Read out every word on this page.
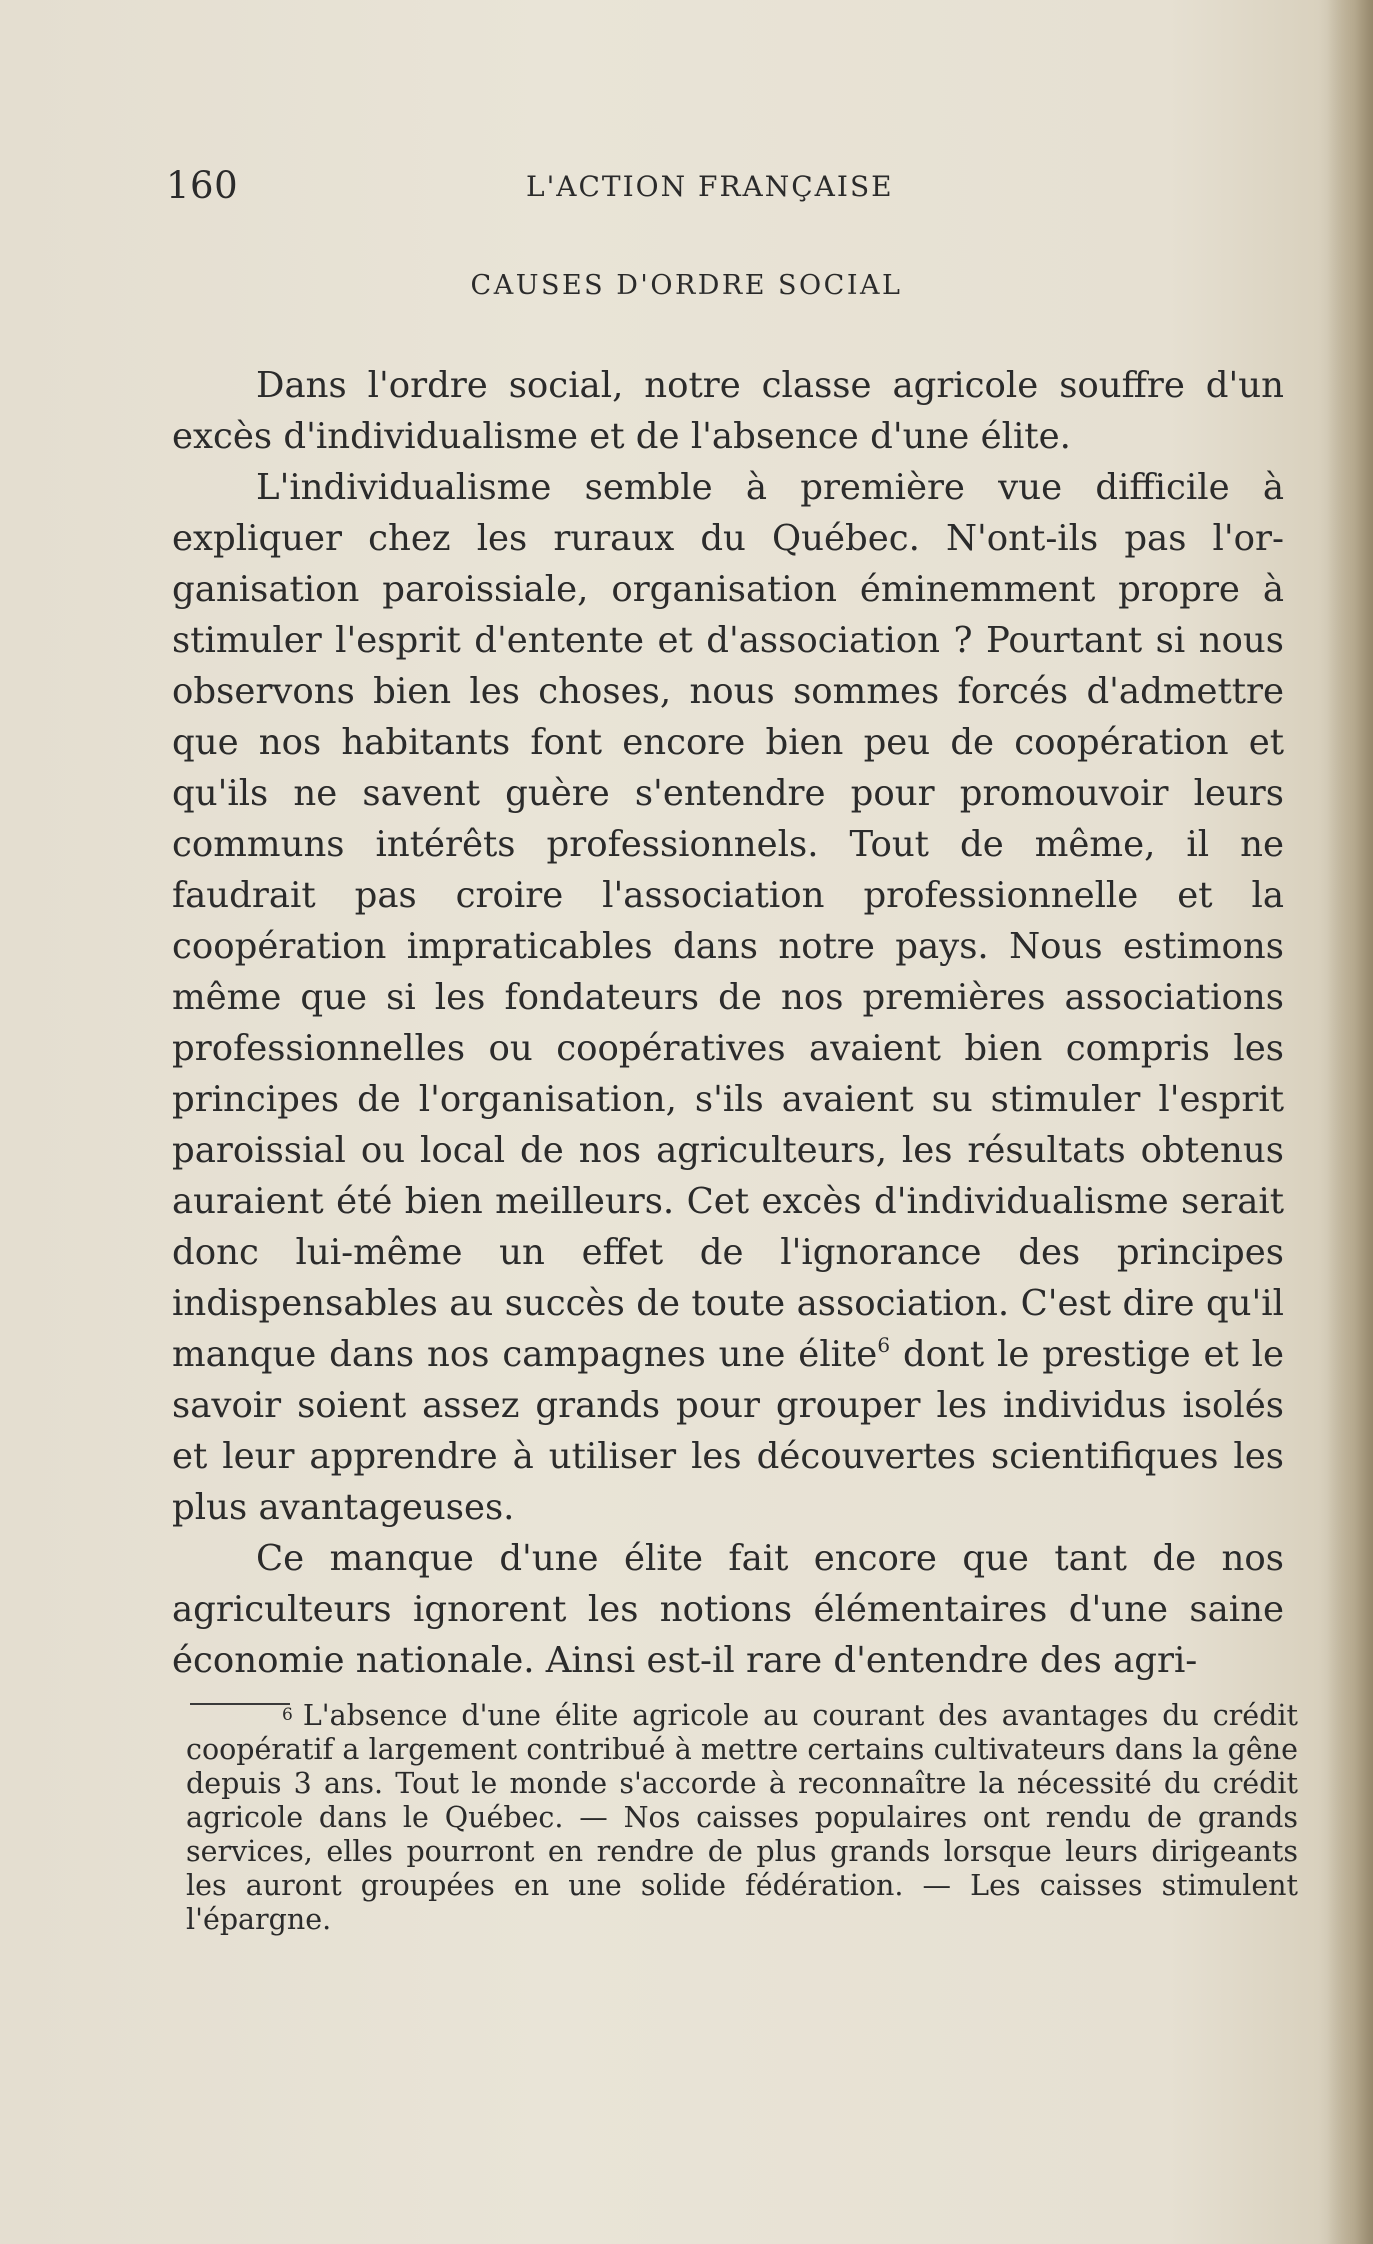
160	L'ACTION FRANÇAISE
CAUSES D'ORDRE SOCIAL

Dans l'ordre social, notre classe agricole souffre d'un excès d'individualisme et de l'absence d'une élite.

L'individualisme semble à première vue difficile à expliquer chez les ruraux du Québec. N'ont-ils pas l'organisation paroissiale, organisation éminemment propre à stimuler l'esprit d'entente et d'association ? Pourtant si nous observons bien les choses, nous sommes forcés d'admettre que nos habitants font encore bien peu de coopération et qu'ils ne savent guère s'entendre pour promouvoir leurs communs intérêts professionnels. Tout de même, il ne faudrait pas croire l'association professionnelle et la coopération impraticables dans notre pays. Nous estimons même que si les fondateurs de nos premières associations professionnelles ou coopératives avaient bien compris les principes de l'organisation, s'ils avaient su stimuler l'esprit paroissial ou local de nos agriculteurs, les résultats obtenus auraient été bien meilleurs. Cet excès d'individualisme serait donc lui-même un effet de l'ignorance des principes indispensables au succès de toute association. C'est dire qu'il manque dans nos campagnes une élite$^6$ dont le prestige et le savoir soient assez grands pour grouper les individus isolés et leur apprendre à utiliser les découvertes scientifiques les plus avantageuses.

Ce manque d'une élite fait encore que tant de nos agriculteurs ignorent les notions élémentaires d'une saine économie nationale. Ainsi est-il rare d'entendre des agri-

6 L'absence d'une élite agricole au courant des avantages du crédit coopératif a largement contribué à mettre certains cultivateurs dans la gêne depuis 3 ans. Tout le monde s'accorde à reconnaître la nécessité du crédit agricole dans le Québec. — Nos caisses populaires ont rendu de grands services, elles pourront en rendre de plus grands lorsque leurs dirigeants les auront groupées en une solide fédération. — Les caisses stimulent l'épargne.
